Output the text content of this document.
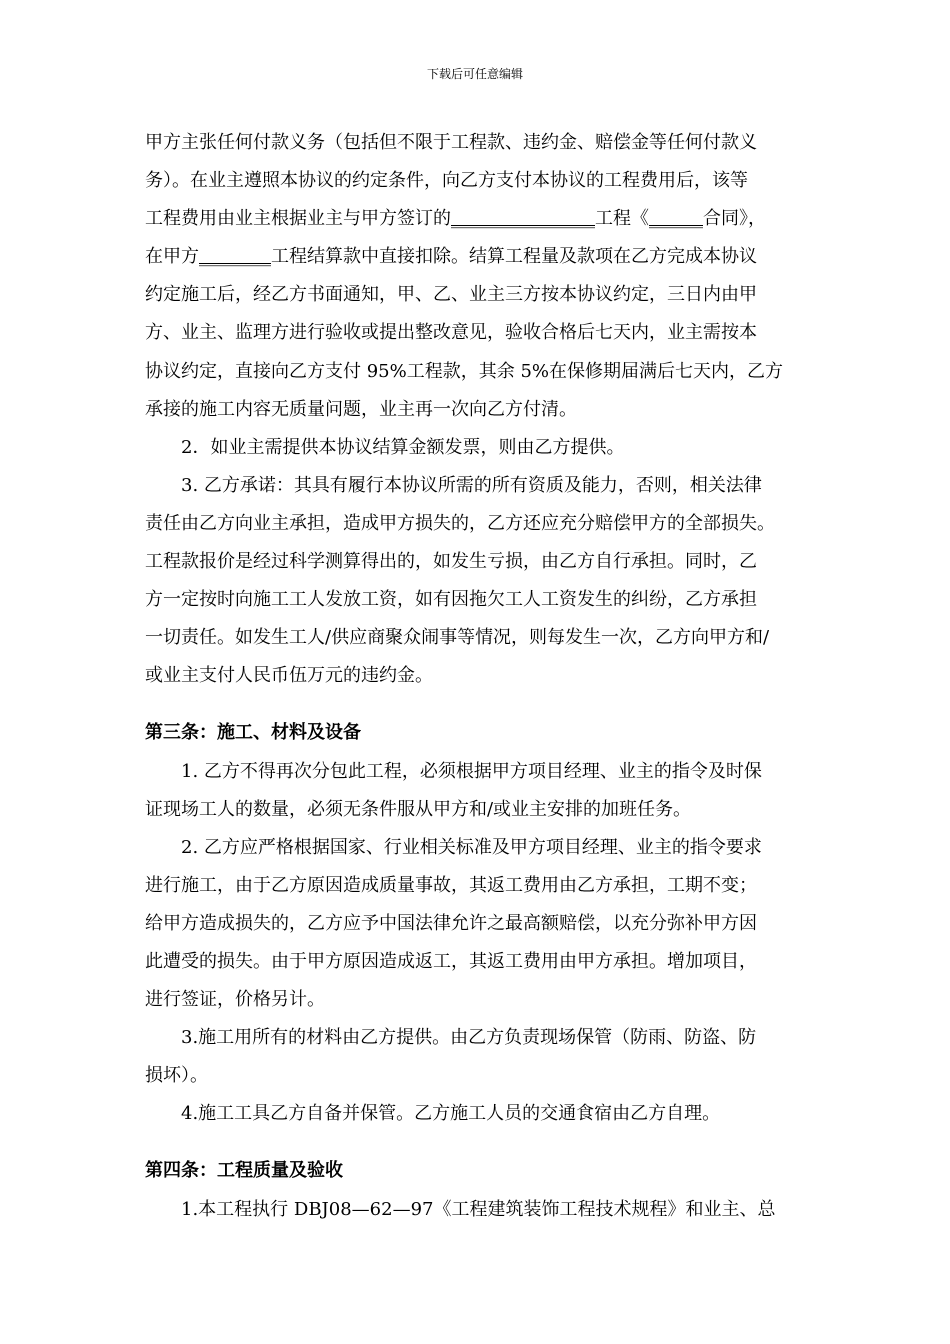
下载后可任意编辑
甲方主张任何付款义务（包括但不限于工程款、违约金、赔偿金等任何付款义
务）。在业主遵照本协议的约定条件，向乙方支付本协议的工程费用后，该等
工程费用由业主根据业主与甲方签订的________________工程《______合同》，
在甲方________工程结算款中直接扣除。结算工程量及款项在乙方完成本协议
约定施工后，经乙方书面通知，甲、乙、业主三方按本协议约定，三日内由甲
方、业主、监理方进行验收或提出整改意见，验收合格后七天内，业主需按本
协议约定，直接向乙方支付 95%工程款，其余 5%在保修期届满后七天内，乙方
承接的施工内容无质量问题，业主再一次向乙方付清。
2．如业主需提供本协议结算金额发票，则由乙方提供。
3. 乙方承诺：其具有履行本协议所需的所有资质及能力，否则，相关法律
责任由乙方向业主承担，造成甲方损失的，乙方还应充分赔偿甲方的全部损失。
工程款报价是经过科学测算得出的，如发生亏损，由乙方自行承担。同时，乙
方一定按时向施工工人发放工资，如有因拖欠工人工资发生的纠纷，乙方承担
一切责任。如发生工人/供应商聚众闹事等情况，则每发生一次，乙方向甲方和/
或业主支付人民币伍万元的违约金。
第三条：施工、材料及设备
1. 乙方不得再次分包此工程，必须根据甲方项目经理、业主的指令及时保
证现场工人的数量，必须无条件服从甲方和/或业主安排的加班任务。
2. 乙方应严格根据国家、行业相关标准及甲方项目经理、业主的指令要求
进行施工，由于乙方原因造成质量事故，其返工费用由乙方承担，工期不变；
给甲方造成损失的，乙方应予中国法律允许之最高额赔偿，以充分弥补甲方因
此遭受的损失。由于甲方原因造成返工，其返工费用由甲方承担。增加项目，
进行签证，价格另计。
3.施工用所有的材料由乙方提供。由乙方负责现场保管（防雨、防盗、防
损坏）。
4.施工工具乙方自备并保管。乙方施工人员的交通食宿由乙方自理。
第四条：工程质量及验收
1.本工程执行 DBJ08—62—97《工程建筑装饰工程技术规程》和业主、总
